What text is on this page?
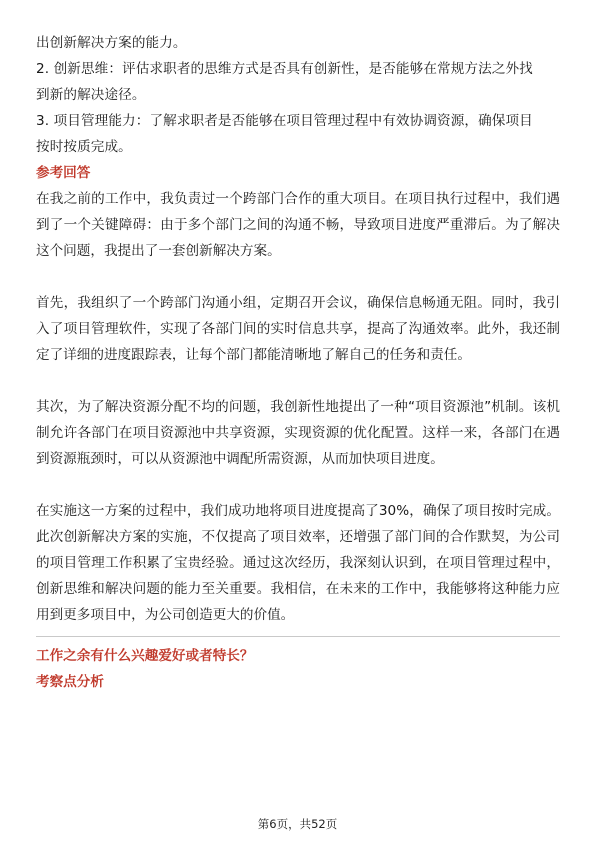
出创新解决方案的能力。

2. 创新思维：评估求职者的思维方式是否具有创新性，是否能够在常规方法之外找

到新的解决途径。

3. 项目管理能力：了解求职者是否能够在项目管理过程中有效协调资源，确保项目

按时按质完成。

参考回答

在我之前的工作中，我负责过一个跨部门合作的重大项目。在项目执行过程中，我们遇到了一个关键障碍：由于多个部门之间的沟通不畅，导致项目进度严重滞后。为了解决这个问题，我提出了一套创新解决方案。

首先，我组织了一个跨部门沟通小组，定期召开会议，确保信息畅通无阻。同时，我引入了项目管理软件，实现了各部门间的实时信息共享，提高了沟通效率。此外，我还制定了详细的进度跟踪表，让每个部门都能清晰地了解自己的任务和责任。

其次，为了解决资源分配不均的问题，我创新性地提出了一种“项目资源池”机制。该机制允许各部门在项目资源池中共享资源，实现资源的优化配置。这样一来，各部门在遇到资源瓶颈时，可以从资源池中调配所需资源，从而加快项目进度。

在实施这一方案的过程中，我们成功地将项目进度提高了30%，确保了项目按时完成。此次创新解决方案的实施，不仅提高了项目效率，还增强了部门间的合作默契，为公司的项目管理工作积累了宝贵经验。通过这次经历，我深刻认识到，在项目管理过程中，创新思维和解决问题的能力至关重要。我相信，在未来的工作中，我能够将这种能力应用到更多项目中，为公司创造更大的价值。

工作之余有什么兴趣爱好或者特长？

考察点分析

第6页，共52页
